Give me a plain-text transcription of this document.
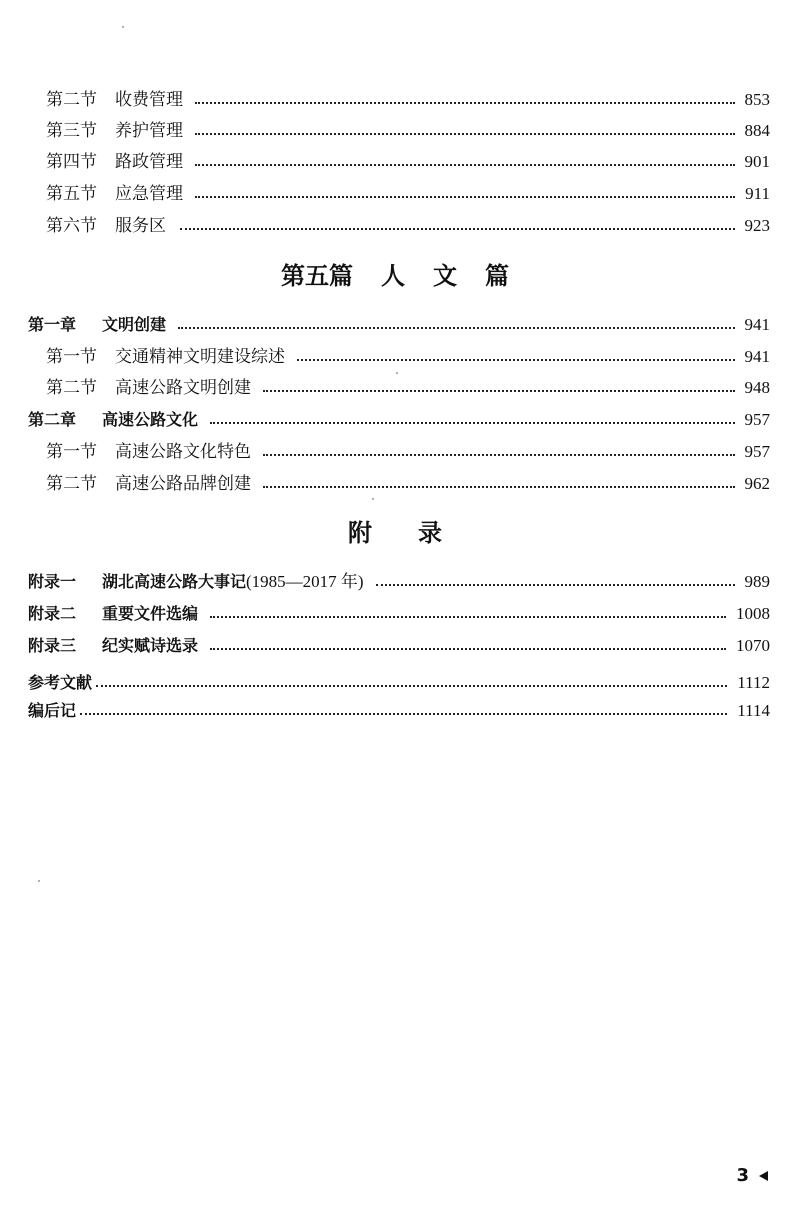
第二节 收费管理	853
第三节 养护管理	884
第四节 路政管理	901
第五节 应急管理	911
第六节 服务区	923
第五篇 人 文 篇
第一章 文明创建	941
第一节 交通精神文明建设综述	941
第二节 高速公路文明创建	948
第二章 高速公路文化	957
第一节 高速公路文化特色	957
第二节 高速公路品牌创建	962
附 录
附录一 湖北高速公路大事记(1985—2017 年)	989
附录二 重要文件选编	1008
附录三 纪实赋诗选录	1070
参考文献	1112
编后记	1114
3
